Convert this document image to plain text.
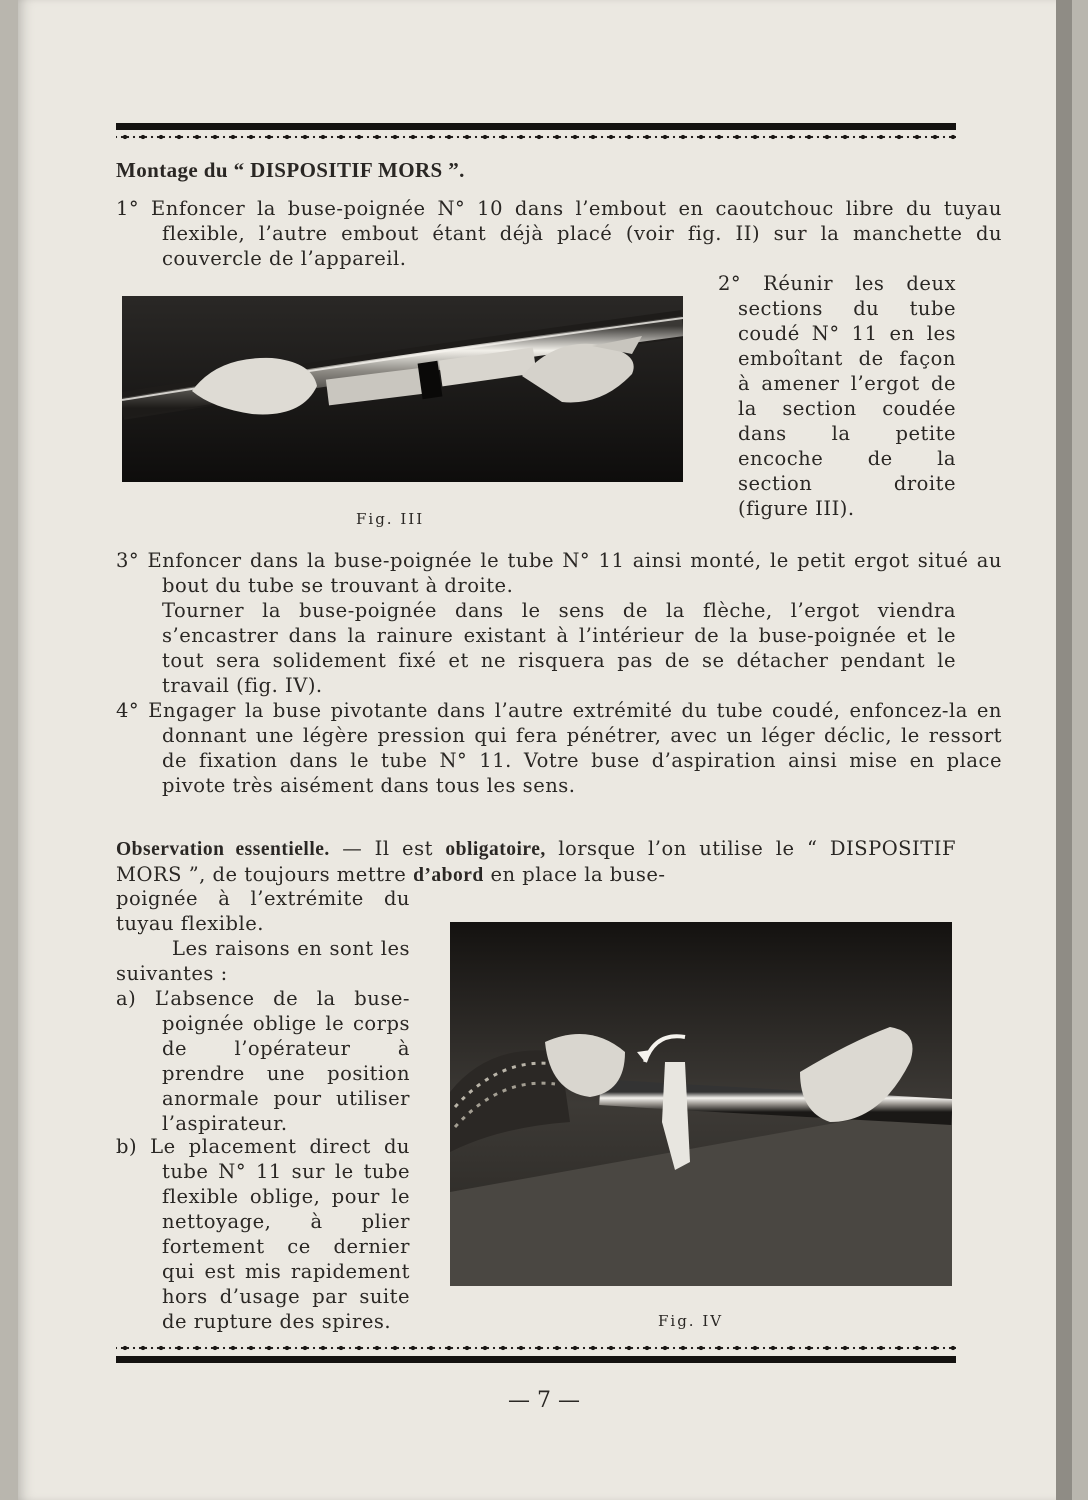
Montage du “ DISPOSITIF MORS ”.
1° Enfoncer la buse-poignée N° 10 dans l’embout en caoutchouc libre du tuyau flexible, l’autre embout étant déjà placé (voir fig. II) sur la manchette du couvercle de l’appareil.
Fig. III
2° Réunir les deux sections du tube coudé N° 11 en les emboîtant de façon à amener l’ergot de la section coudée dans la petite encoche de la section droite (figure III).
3° Enfoncer dans la buse-poignée le tube N° 11 ainsi monté, le petit ergot situé au bout du tube se trouvant à droite.
Tourner la buse-poignée dans le sens de la flèche, l’ergot viendra s’encastrer dans la rainure existant à l’intérieur de la buse-poignée et le tout sera solidement fixé et ne risquera pas de se détacher pendant le travail (fig. IV).
4° Engager la buse pivotante dans l’autre extrémité du tube coudé, enfoncez-la en donnant une légère pression qui fera pénétrer, avec un léger déclic, le ressort de fixation dans le tube N° 11. Votre buse d’aspiration ainsi mise en place pivote très aisément dans tous les sens.
Observation essentielle. — Il est obligatoire, lorsque l’on utilise le “ DISPOSITIF MORS ”, de toujours mettre d’abord en place la buse-
poignée à l’extrémite du tuyau flexible.
Les raisons en sont les suivantes :
a) L’absence de la buse-poignée oblige le corps de l’opérateur à prendre une position anormale pour utiliser l’aspirateur.
b) Le placement direct du tube N° 11 sur le tube flexible oblige, pour le nettoyage, à plier fortement ce dernier qui est mis rapidement hors d’usage par suite de rupture des spires.	Fig. IV
— 7 —
